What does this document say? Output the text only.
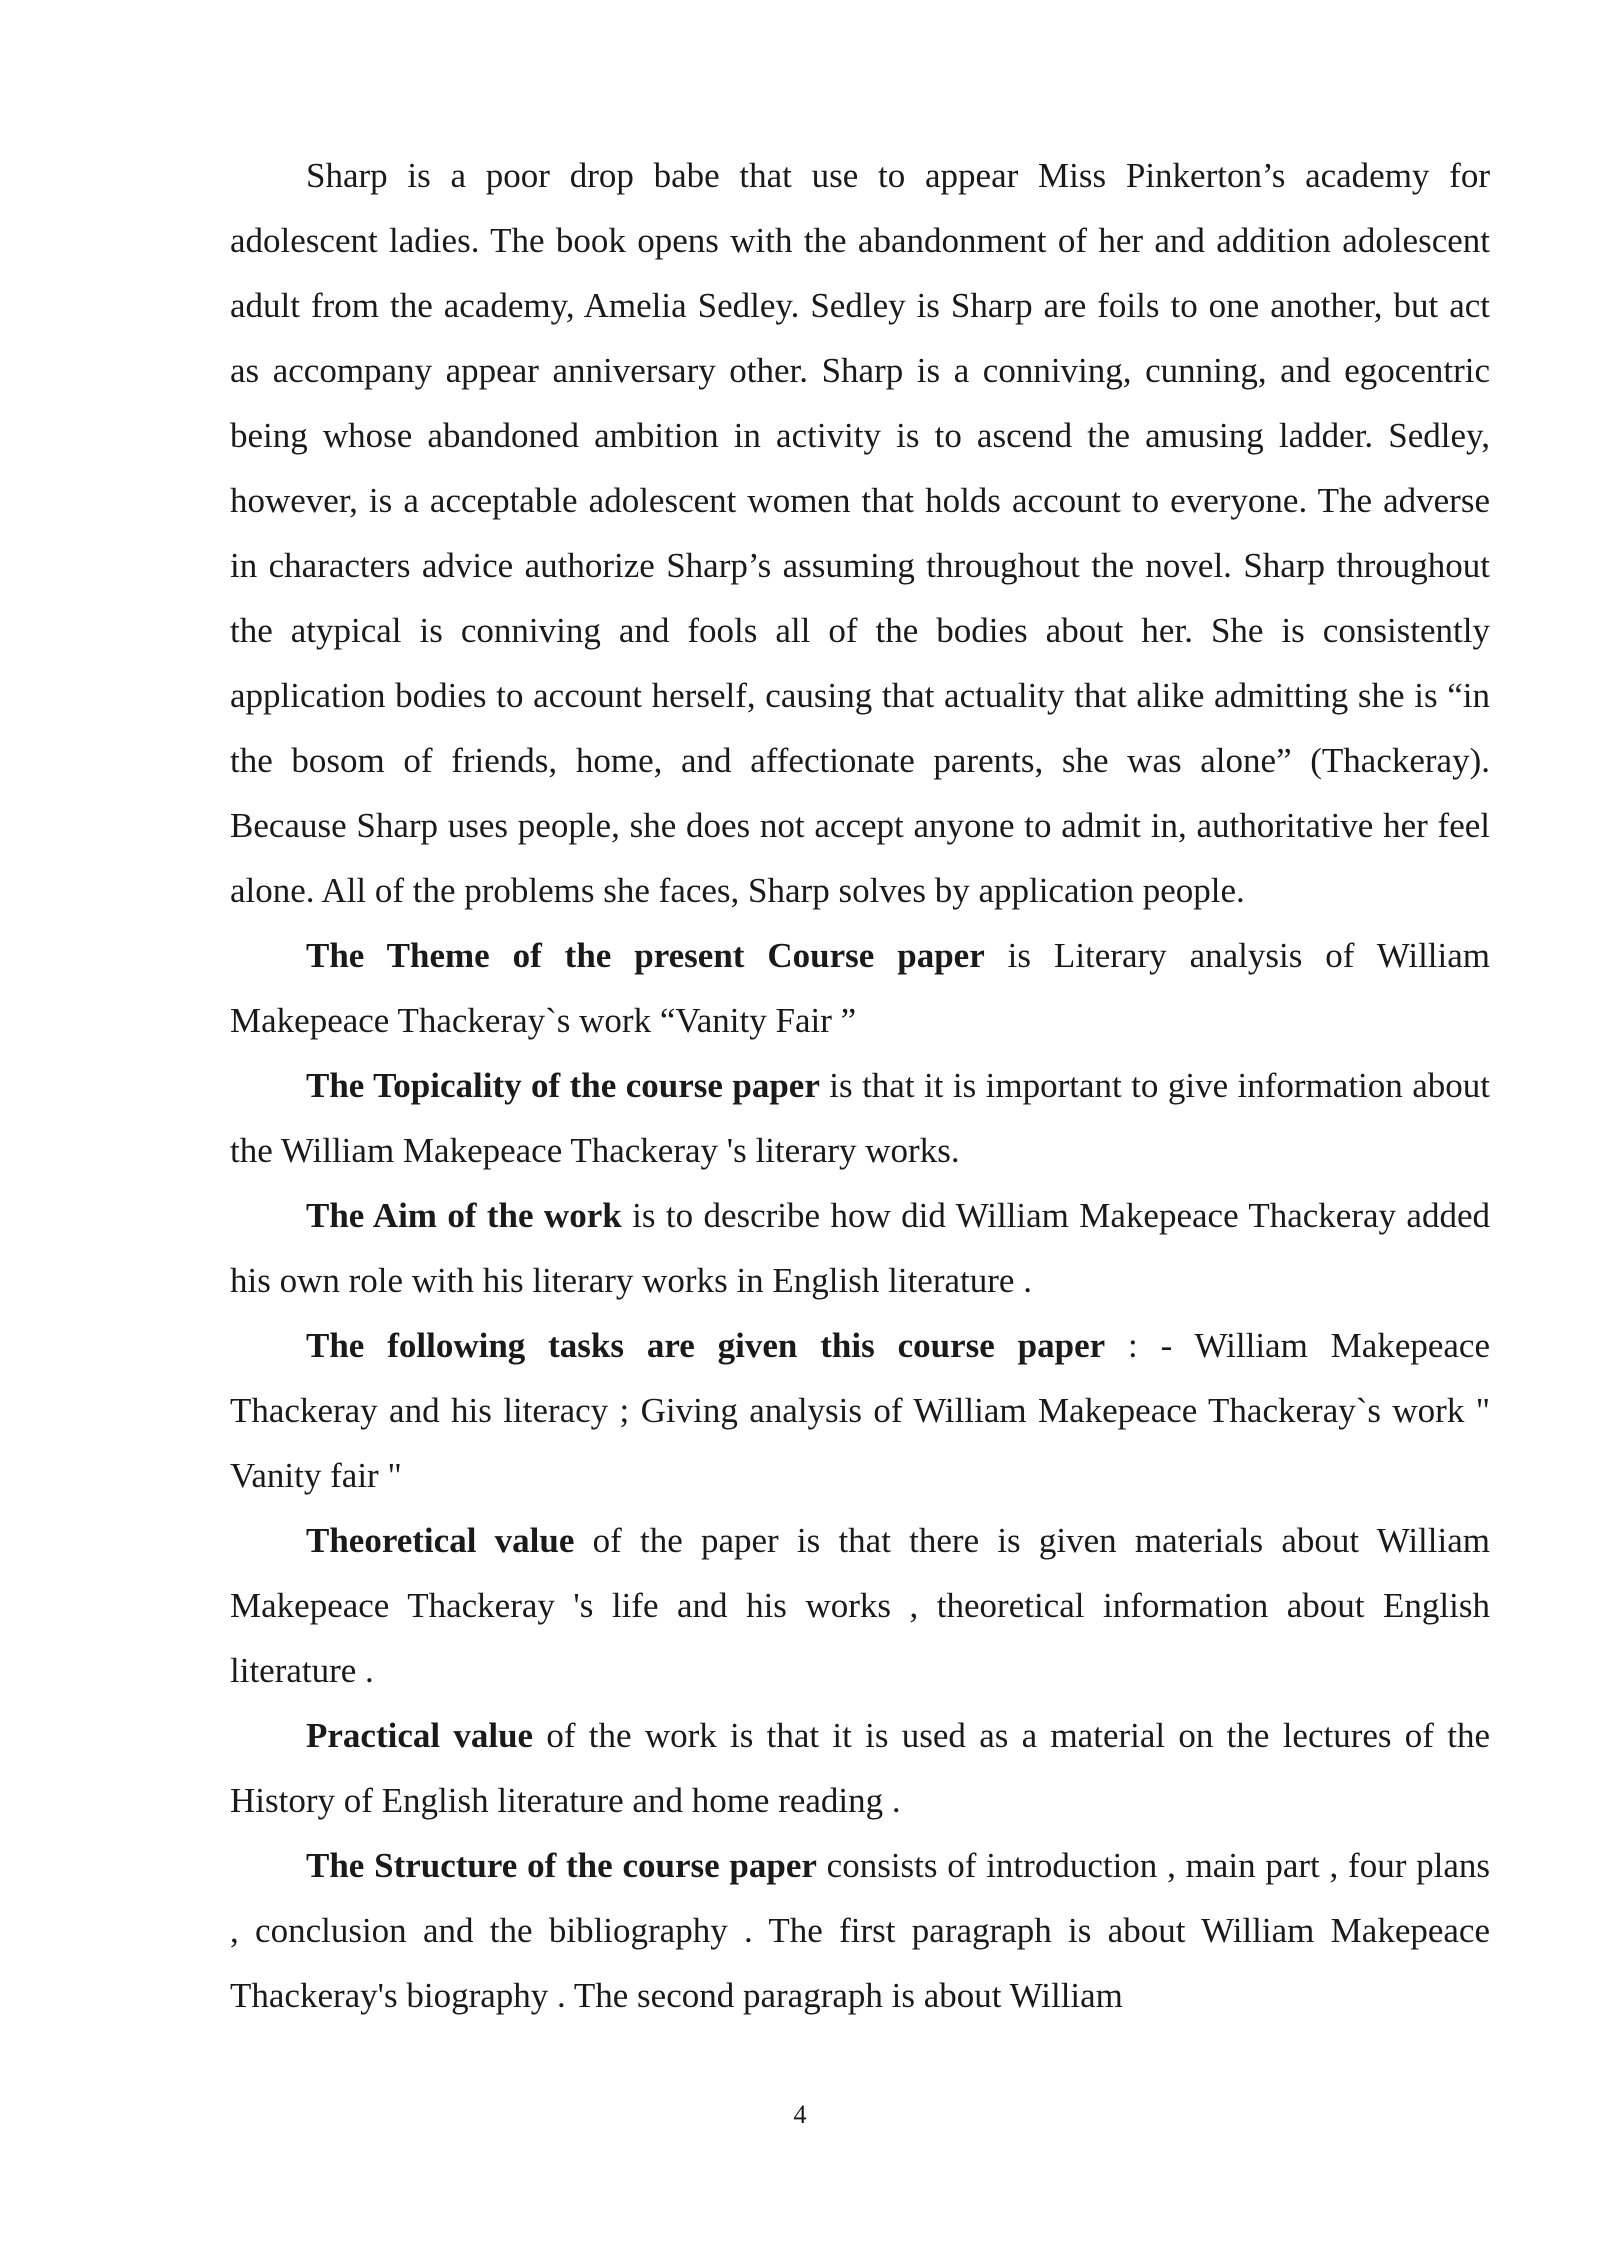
Sharp is a poor drop babe that use to appear Miss Pinkerton’s academy for adolescent ladies. The book opens with the abandonment of her and addition adolescent adult from the academy, Amelia Sedley. Sedley is Sharp are foils to one another, but act as accompany appear anniversary other. Sharp is a conniving, cunning, and egocentric being whose abandoned ambition in activity is to ascend the amusing ladder. Sedley, however, is a acceptable adolescent women that holds account to everyone. The adverse in characters advice authorize Sharp’s assuming throughout the novel. Sharp throughout the atypical is conniving and fools all of the bodies about her. She is consistently application bodies to account herself, causing that actuality that alike admitting she is “in the bosom of friends, home, and affectionate parents, she was alone” (Thackeray). Because Sharp uses people, she does not accept anyone to admit in, authoritative her feel alone. All of the problems she faces, Sharp solves by application people.

The Theme of the present Course paper is Literary analysis of William Makepeace Thackeray`s work “Vanity Fair ”

The Topicality of the course paper is that it is important to give information about the William Makepeace Thackeray 's literary works.

The Aim of the work is to describe how did William Makepeace Thackeray added his own role with his literary works in English literature .

The following tasks are given this course paper : - William Makepeace Thackeray and his literacy ; Giving analysis of William Makepeace Thackeray`s work " Vanity fair "

Theoretical value of the paper is that there is given materials about William Makepeace Thackeray 's life and his works , theoretical information about English literature .

Practical value of the work is that it is used as a material on the lectures of the History of English literature and home reading .

The Structure of the course paper consists of introduction , main part , four plans , conclusion and the bibliography . The first paragraph is about William Makepeace Thackeray's biography . The second paragraph is about William

4
